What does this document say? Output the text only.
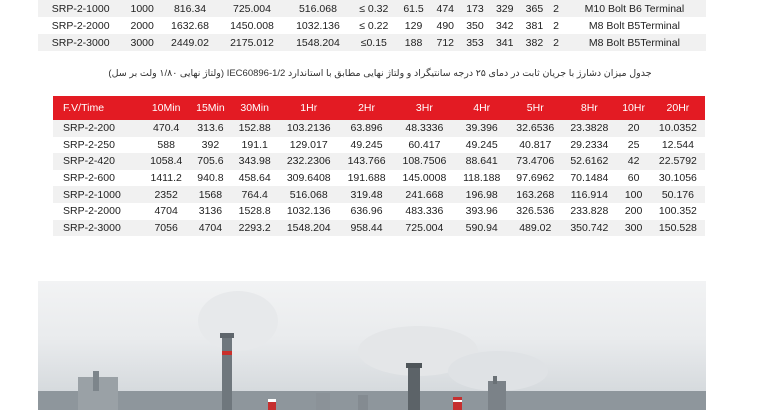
SRP-2-1000	1000	816.34	725.004	516.068	≤ 0.32	61.5	474	173	329	365	2	M10 Bolt B6 Terminal
SRP-2-2000	2000	1632.68	1450.008	1032.136	≤ 0.22	129	490	350	342	381	2	M8 Bolt B5Terminal
SRP-2-3000	3000	2449.02	2175.012	1548.204	≤0.15	188	712	353	341	382	2	M8 Bolt B5Terminal
جدول میزان دشارژ با جریان ثابت در دمای ۲۵ درجه سانتیگراد و ولتاژ نهایی مطابق با استاندارد IEC60896-1/2 (ولتاژ نهایی ۱/۸۰ ولت بر سل)
F.V/Time	10Min	15Min	30Min	1Hr	2Hr	3Hr	4Hr	5Hr	8Hr	10Hr	20Hr
SRP-2-200	470.4	313.6	152.88	103.2136	63.896	48.3336	39.396	32.6536	23.3828	20	10.0352
SRP-2-250	588	392	191.1	129.017	49.245	60.417	49.245	40.817	29.2334	25	12.544
SRP-2-420	1058.4	705.6	343.98	232.2306	143.766	108.7506	88.641	73.4706	52.6162	42	22.5792
SRP-2-600	1411.2	940.8	458.64	309.6408	191.688	145.0008	118.188	97.6962	70.1484	60	30.1056
SRP-2-1000	2352	1568	764.4	516.068	319.48	241.668	196.98	163.268	116.914	100	50.176
SRP-2-2000	4704	3136	1528.8	1032.136	636.96	483.336	393.96	326.536	233.828	200	100.352
SRP-2-3000	7056	4704	2293.2	1548.204	958.44	725.004	590.94	489.02	350.742	300	150.528
